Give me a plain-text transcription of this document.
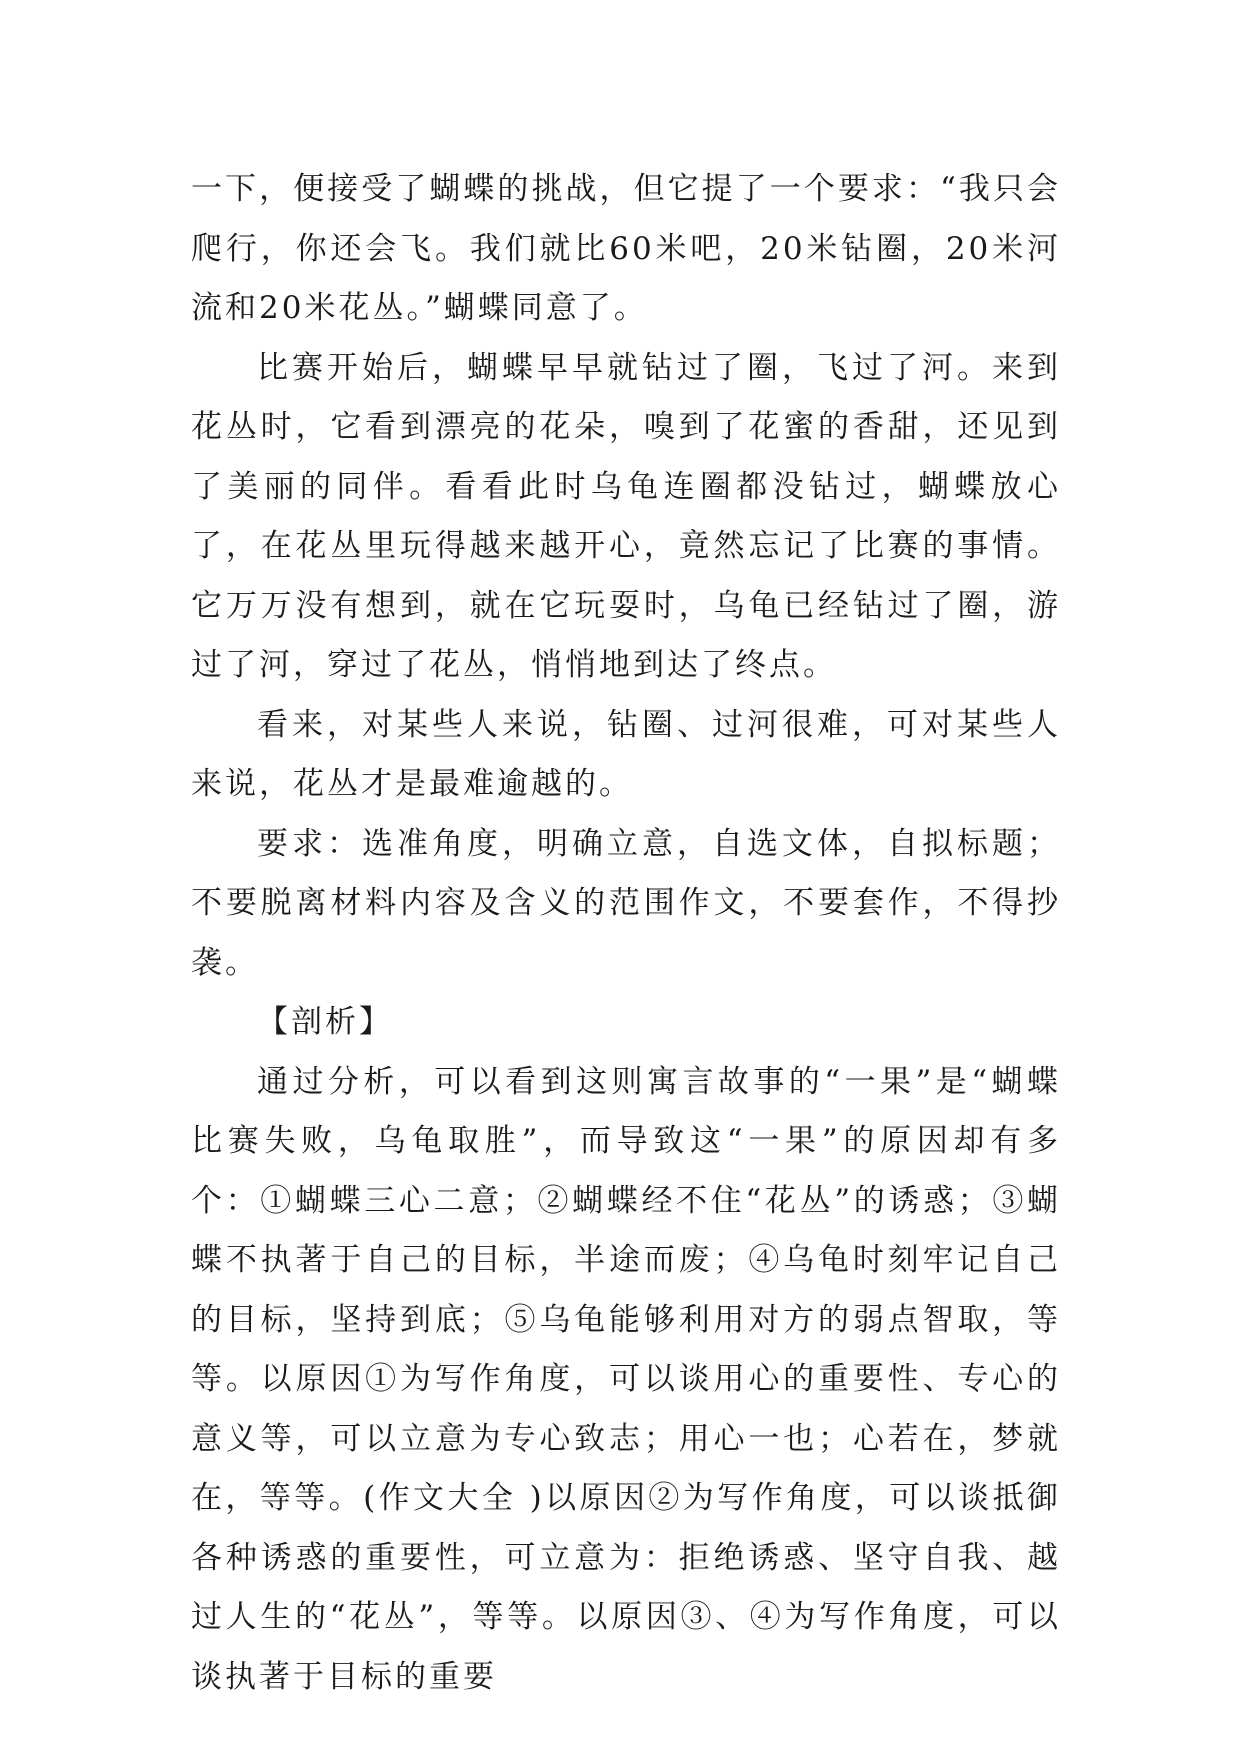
一下，便接受了蝴蝶的挑战，但它提了一个要求：“我只会爬行，你还会飞。我们就比60米吧，20米钻圈，20米河流和20米花丛。”蝴蝶同意了。

比赛开始后，蝴蝶早早就钻过了圈，飞过了河。来到花丛时，它看到漂亮的花朵，嗅到了花蜜的香甜，还见到了美丽的同伴。看看此时乌龟连圈都没钻过，蝴蝶放心了，在花丛里玩得越来越开心，竟然忘记了比赛的事情。它万万没有想到，就在它玩耍时，乌龟已经钻过了圈，游过了河，穿过了花丛，悄悄地到达了终点。

看来，对某些人来说，钻圈、过河很难，可对某些人来说，花丛才是最难逾越的。

要求：选准角度，明确立意，自选文体，自拟标题；不要脱离材料内容及含义的范围作文，不要套作，不得抄袭。

【剖析】

通过分析，可以看到这则寓言故事的“一果”是“蝴蝶比赛失败，乌龟取胜”，而导致这“一果”的原因却有多个：①蝴蝶三心二意；②蝴蝶经不住“花丛”的诱惑；③蝴蝶不执著于自己的目标，半途而废；④乌龟时刻牢记自己的目标，坚持到底；⑤乌龟能够利用对方的弱点智取，等等。以原因①为写作角度，可以谈用心的重要性、专心的意义等，可以立意为专心致志；用心一也；心若在，梦就在，等等。(作文大全 )以原因②为写作角度，可以谈抵御各种诱惑的重要性，可立意为：拒绝诱惑、坚守自我、越过人生的“花丛”，等等。以原因③、④为写作角度，可以谈执著于目标的重要
